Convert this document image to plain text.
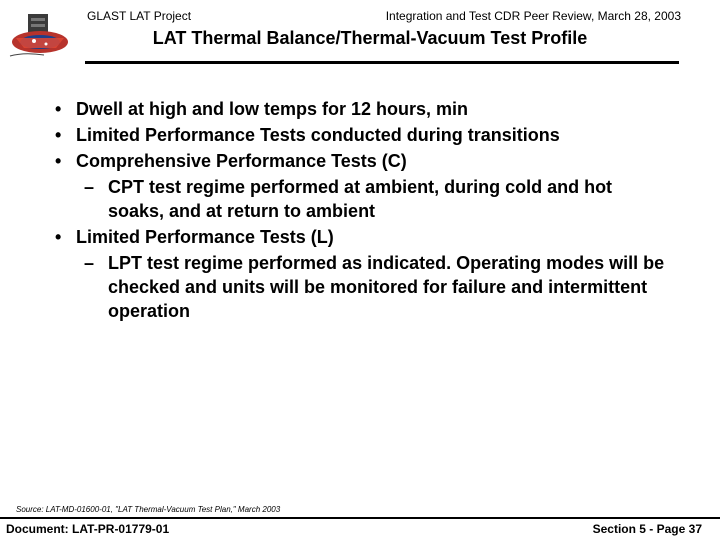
GLAST LAT Project	Integration and Test CDR Peer Review, March 28, 2003
LAT Thermal Balance/Thermal-Vacuum Test Profile
• Dwell at high and low temps for 12 hours, min
• Limited Performance Tests conducted during transitions
• Comprehensive Performance Tests (C)
– CPT test regime performed at ambient, during cold and hot soaks, and at return to ambient
• Limited Performance Tests (L)
– LPT test regime performed as indicated. Operating modes will be checked and units will be monitored for failure and intermittent operation
Source: LAT-MD-01600-01, "LAT Thermal-Vacuum Test Plan," March 2003
Document: LAT-PR-01779-01	Section 5 - Page 37
